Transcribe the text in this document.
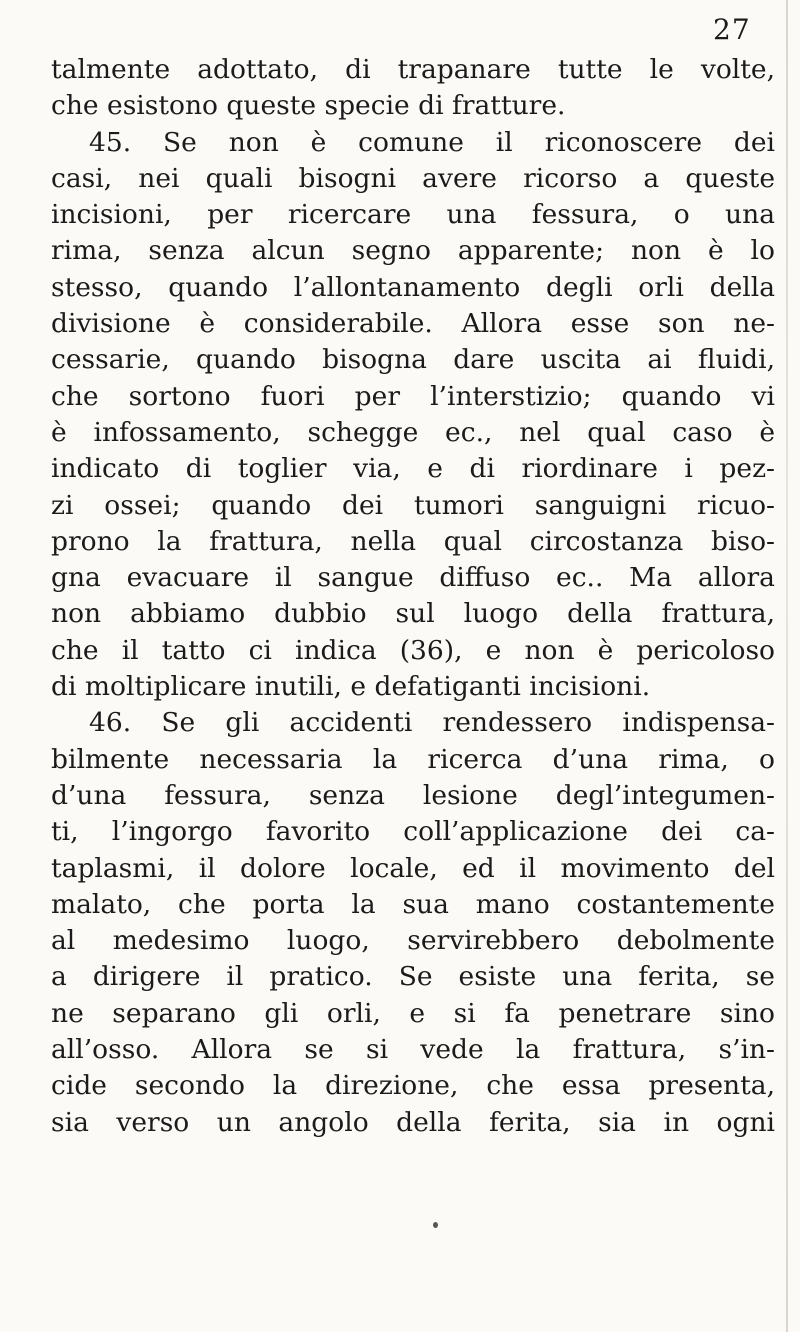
27
talmente adottato, di trapanare tutte le volte,
che esistono queste specie di fratture.
45. Se non è comune il riconoscere dei
casi, nei quali bisogni avere ricorso a queste
incisioni, per ricercare una fessura, o una
rima, senza alcun segno apparente; non è lo
stesso, quando l’allontanamento degli orli della
divisione è considerabile. Allora esse son ne-
cessarie, quando bisogna dare uscita ai fluidi,
che sortono fuori per l’interstizio; quando vi
è infossamento, schegge ec., nel qual caso è
indicato di toglier via, e di riordinare i pez-
zi ossei; quando dei tumori sanguigni ricuo-
prono la frattura, nella qual circostanza biso-
gna evacuare il sangue diffuso ec.. Ma allora
non abbiamo dubbio sul luogo della frattura,
che il tatto ci indica (36), e non è pericoloso
di moltiplicare inutili, e defatiganti incisioni.
46. Se gli accidenti rendessero indispensa-
bilmente necessaria la ricerca d’una rima, o
d’una fessura, senza lesione degl’integumen-
ti, l’ingorgo favorito coll’applicazione dei ca-
taplasmi, il dolore locale, ed il movimento del
malato, che porta la sua mano costantemente
al medesimo luogo, servirebbero debolmente
a dirigere il pratico. Se esiste una ferita, se
ne separano gli orli, e si fa penetrare sino
all’osso. Allora se si vede la frattura, s’in-
cide secondo la direzione, che essa presenta,
sia verso un angolo della ferita, sia in ogni
